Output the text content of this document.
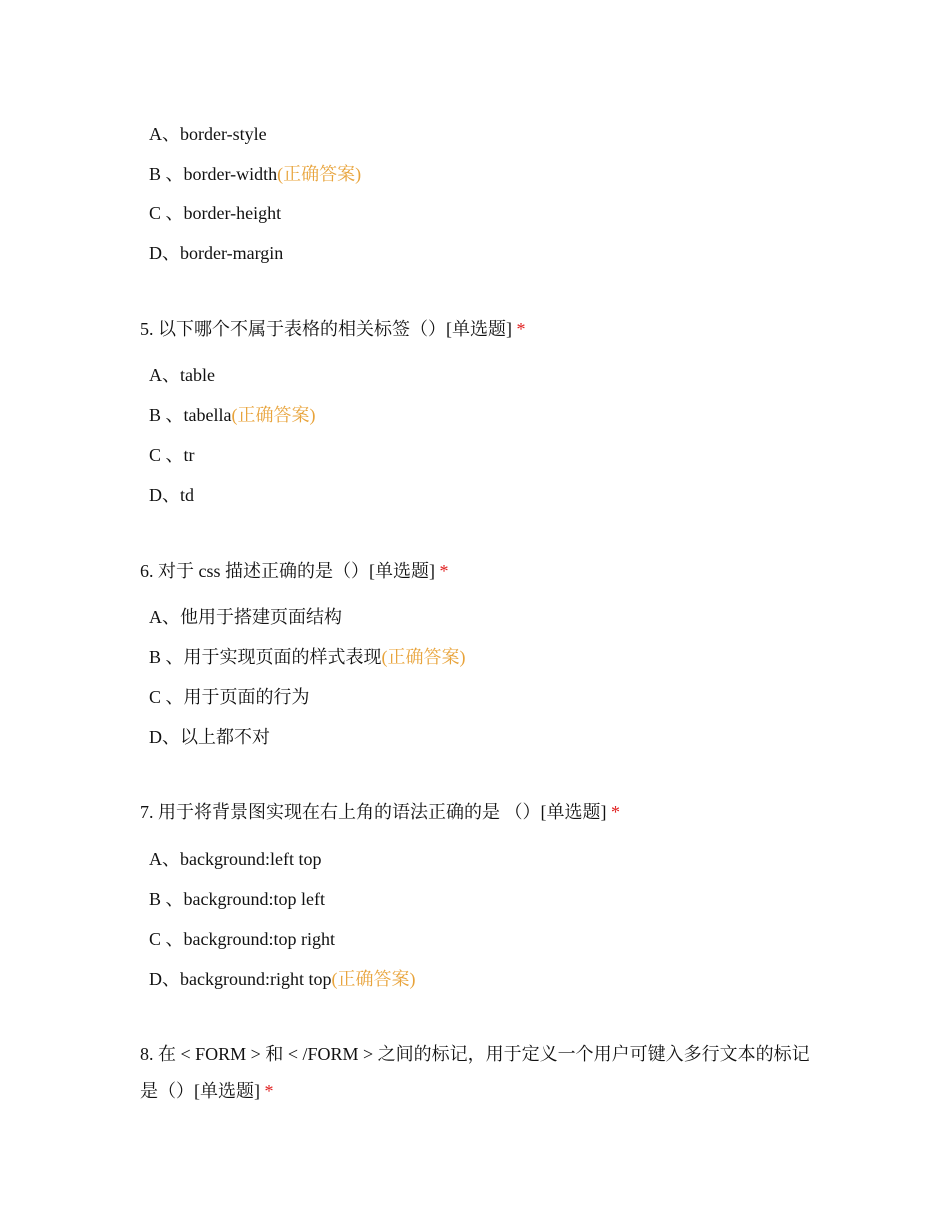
A、border-style
B 、border-width(正确答案)
C 、border-height
D、border-margin
5. 以下哪个不属于表格的相关标签（）[单选题] *
A、table
B 、tabella(正确答案)
C 、tr
D、td
6. 对于 css 描述正确的是（）[单选题] *
A、他用于搭建页面结构
B 、用于实现页面的样式表现(正确答案)
C 、用于页面的行为
D、以上都不对
7. 用于将背景图实现在右上角的语法正确的是 （）[单选题] *
A、background:left top
B 、background:top left
C 、background:top right
D、background:right top(正确答案)
8. 在 < FORM > 和 < /FORM > 之间的标记，用于定义一个用户可键入多行文本的标记是（）[单选题] *
